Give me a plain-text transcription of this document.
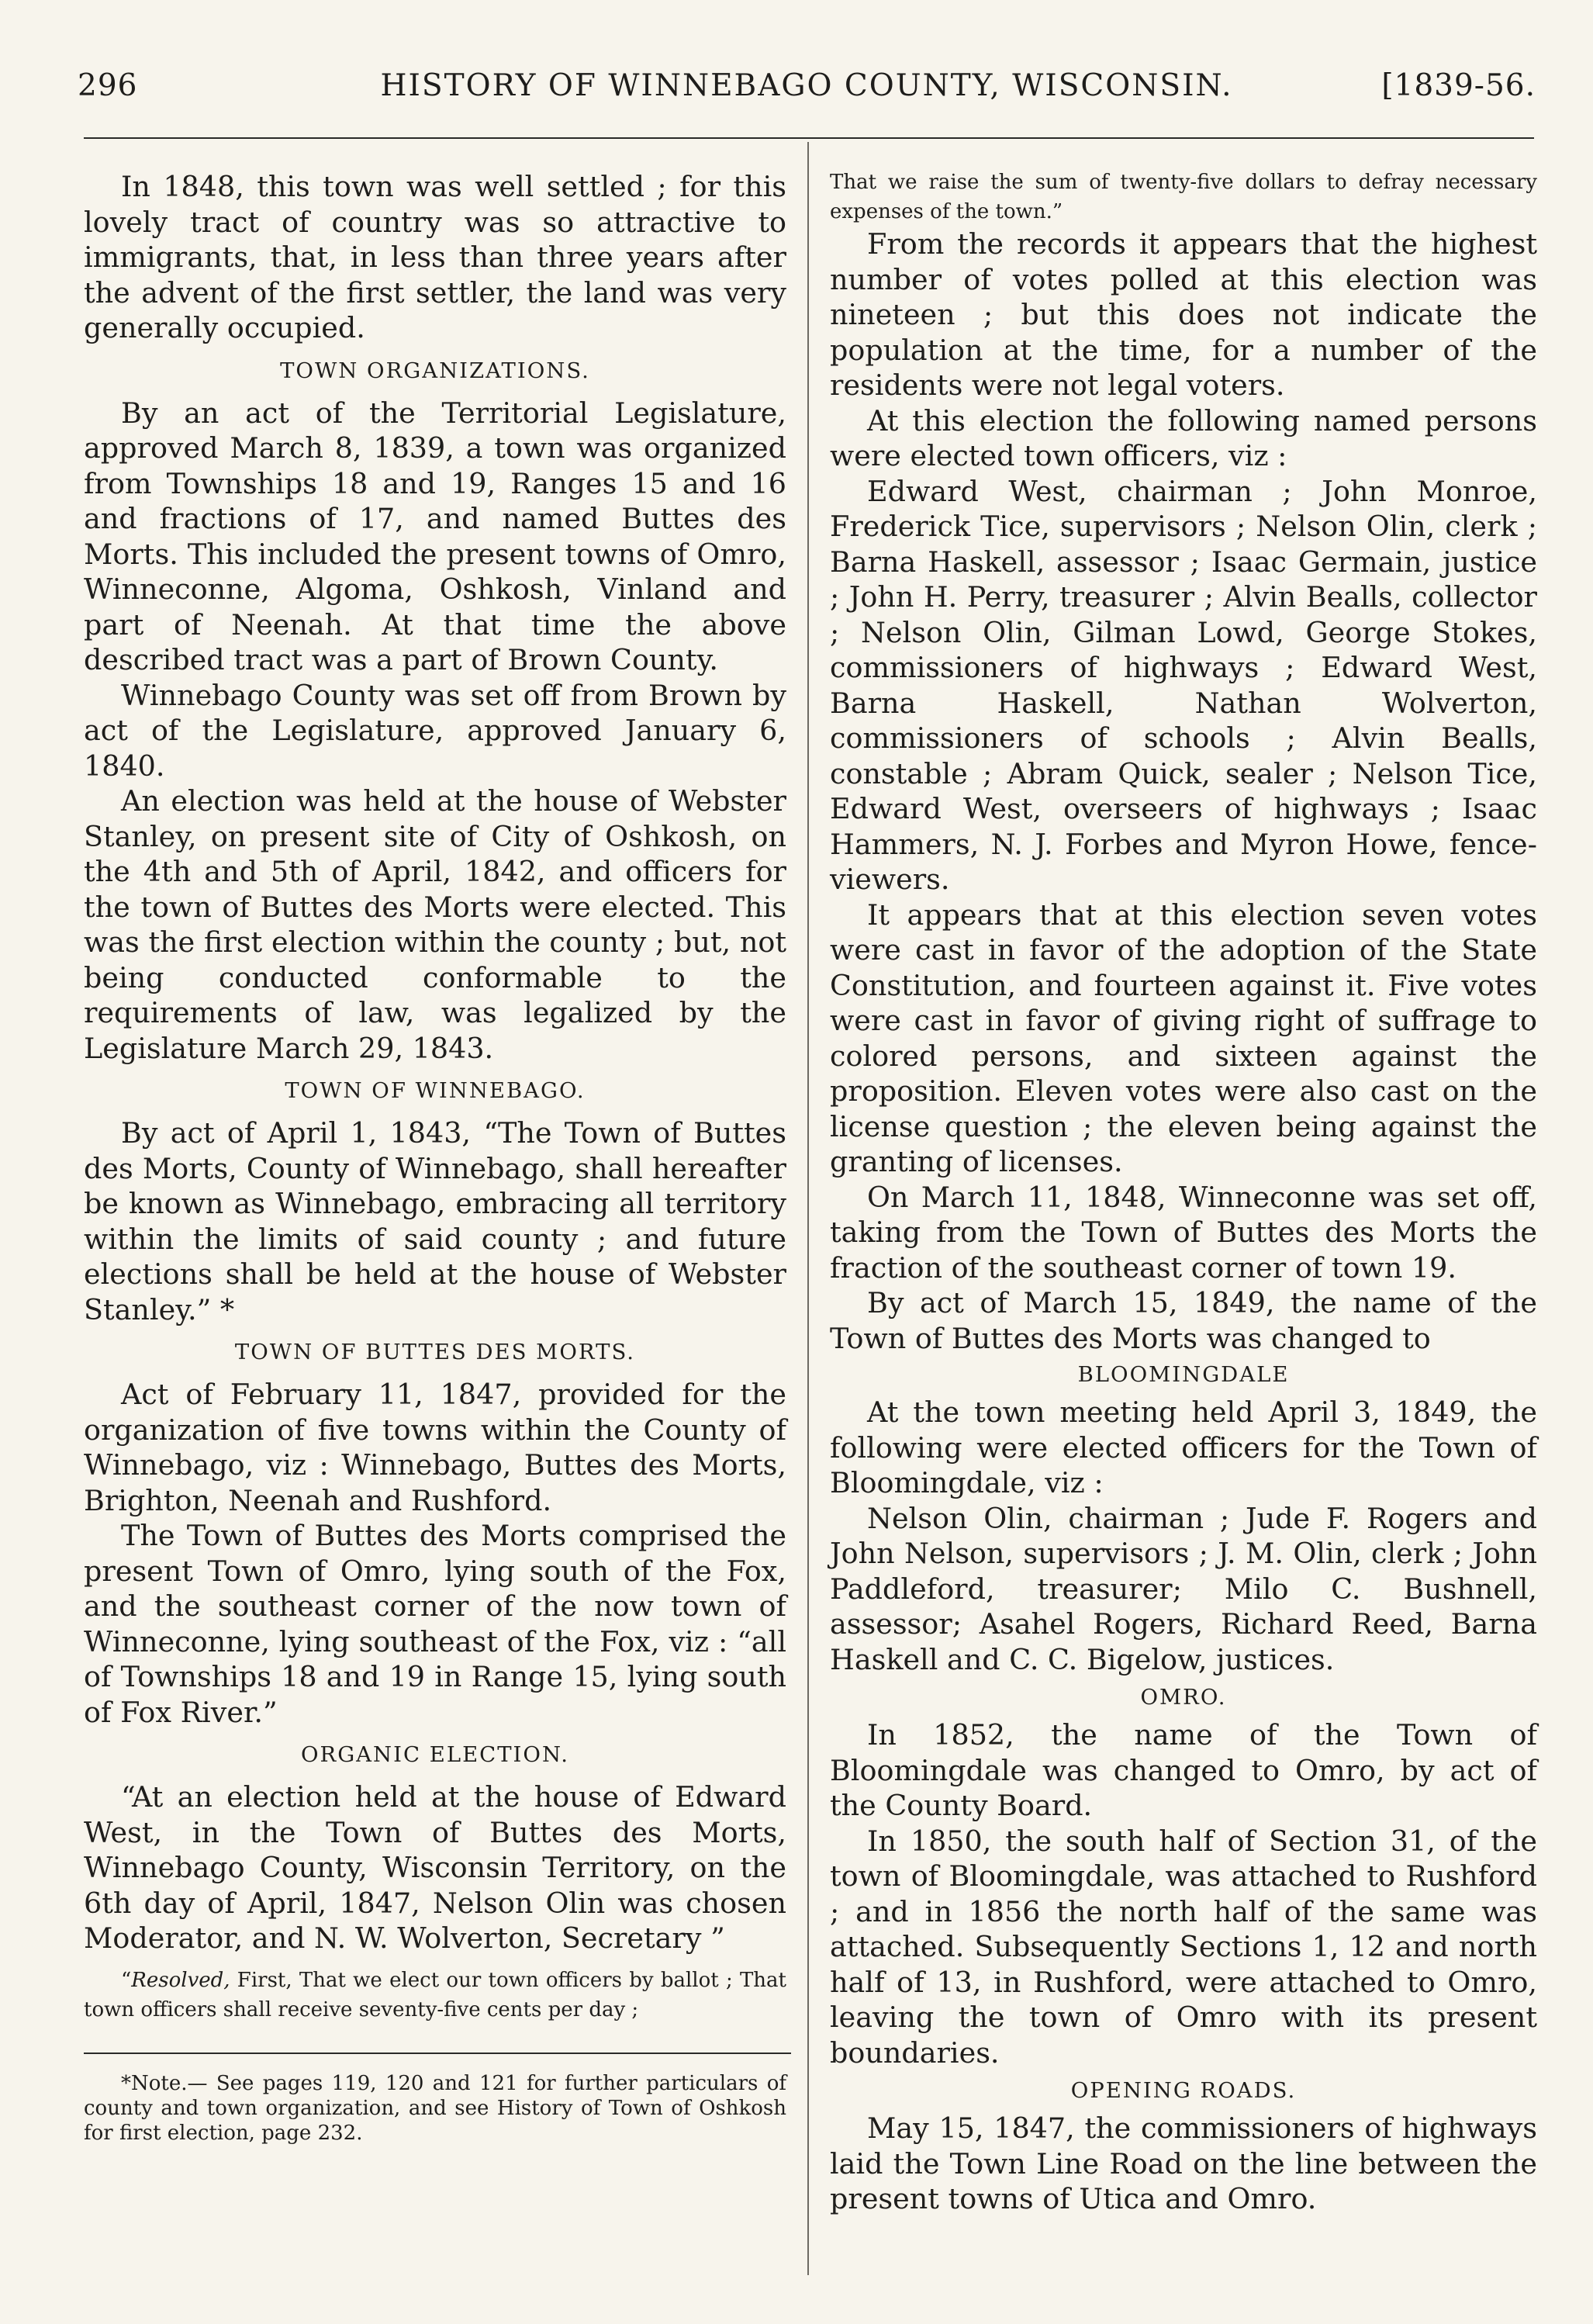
296	HISTORY OF WINNEBAGO COUNTY, WISCONSIN.	[1839-56.

In 1848, this town was well settled ; for this lovely tract of country was so attractive to immigrants, that, in less than three years after the advent of the first settler, the land was very generally occupied.

TOWN ORGANIZATIONS.

By an act of the Territorial Legislature, approved March 8, 1839, a town was organized from Townships 18 and 19, Ranges 15 and 16 and fractions of 17, and named Buttes des Morts. This included the present towns of Omro, Winneconne, Algoma, Oshkosh, Vinland and part of Neenah. At that time the above described tract was a part of Brown County.

Winnebago County was set off from Brown by act of the Legislature, approved January 6, 1840.

An election was held at the house of Webster Stanley, on present site of City of Oshkosh, on the 4th and 5th of April, 1842, and officers for the town of Buttes des Morts were elected. This was the first election within the county ; but, not being conducted conformable to the requirements of law, was legalized by the Legislature March 29, 1843.

TOWN OF WINNEBAGO.

By act of April 1, 1843, “The Town of Buttes des Morts, County of Winnebago, shall hereafter be known as Winnebago, embracing all territory within the limits of said county ; and future elections shall be held at the house of Webster Stanley.” *

TOWN OF BUTTES DES MORTS.

Act of February 11, 1847, provided for the organization of five towns within the County of Winnebago, viz : Winnebago, Buttes des Morts, Brighton, Neenah and Rushford.

The Town of Buttes des Morts comprised the present Town of Omro, lying south of the Fox, and the southeast corner of the now town of Winneconne, lying southeast of the Fox, viz : “all of Townships 18 and 19 in Range 15, lying south of Fox River.”

ORGANIC ELECTION.

“At an election held at the house of Edward West, in the Town of Buttes des Morts, Winnebago County, Wisconsin Territory, on the 6th day of April, 1847, Nelson Olin was chosen Moderator, and N. W. Wolverton, Secretary ”

“Resolved, First, That we elect our town officers by ballot ; That town officers shall receive seventy-five cents per day ;

*Note.— See pages 119, 120 and 121 for further particulars of county and town organization, and see History of Town of Oshkosh for first election, page 232.

That we raise the sum of twenty-five dollars to defray necessary expenses of the town.”

From the records it appears that the highest number of votes polled at this election was nineteen ; but this does not indicate the population at the time, for a number of the residents were not legal voters.

At this election the following named persons were elected town officers, viz :

Edward West, chairman ; John Monroe, Frederick Tice, supervisors ; Nelson Olin, clerk ; Barna Haskell, assessor ; Isaac Germain, justice ; John H. Perry, treasurer ; Alvin Bealls, collector ; Nelson Olin, Gilman Lowd, George Stokes, commissioners of highways ; Edward West, Barna Haskell, Nathan Wolverton, commissioners of schools ; Alvin Bealls, constable ; Abram Quick, sealer ; Nelson Tice, Edward West, overseers of highways ; Isaac Hammers, N. J. Forbes and Myron Howe, fence-viewers.

It appears that at this election seven votes were cast in favor of the adoption of the State Constitution, and fourteen against it. Five votes were cast in favor of giving right of suffrage to colored persons, and sixteen against the proposition. Eleven votes were also cast on the license question ; the eleven being against the granting of licenses.

On March 11, 1848, Winneconne was set off, taking from the Town of Buttes des Morts the fraction of the southeast corner of town 19.

By act of March 15, 1849, the name of the Town of Buttes des Morts was changed to

BLOOMINGDALE

At the town meeting held April 3, 1849, the following were elected officers for the Town of Bloomingdale, viz :

Nelson Olin, chairman ; Jude F. Rogers and John Nelson, supervisors ; J. M. Olin, clerk ; John Paddleford, treasurer; Milo C. Bushnell, assessor; Asahel Rogers, Richard Reed, Barna Haskell and C. C. Bigelow, justices.

OMRO.

In 1852, the name of the Town of Bloomingdale was changed to Omro, by act of the County Board.

In 1850, the south half of Section 31, of the town of Bloomingdale, was attached to Rushford ; and in 1856 the north half of the same was attached. Subsequently Sections 1, 12 and north half of 13, in Rushford, were attached to Omro, leaving the town of Omro with its present boundaries.

OPENING ROADS.

May 15, 1847, the commissioners of highways laid the Town Line Road on the line between the present towns of Utica and Omro.
